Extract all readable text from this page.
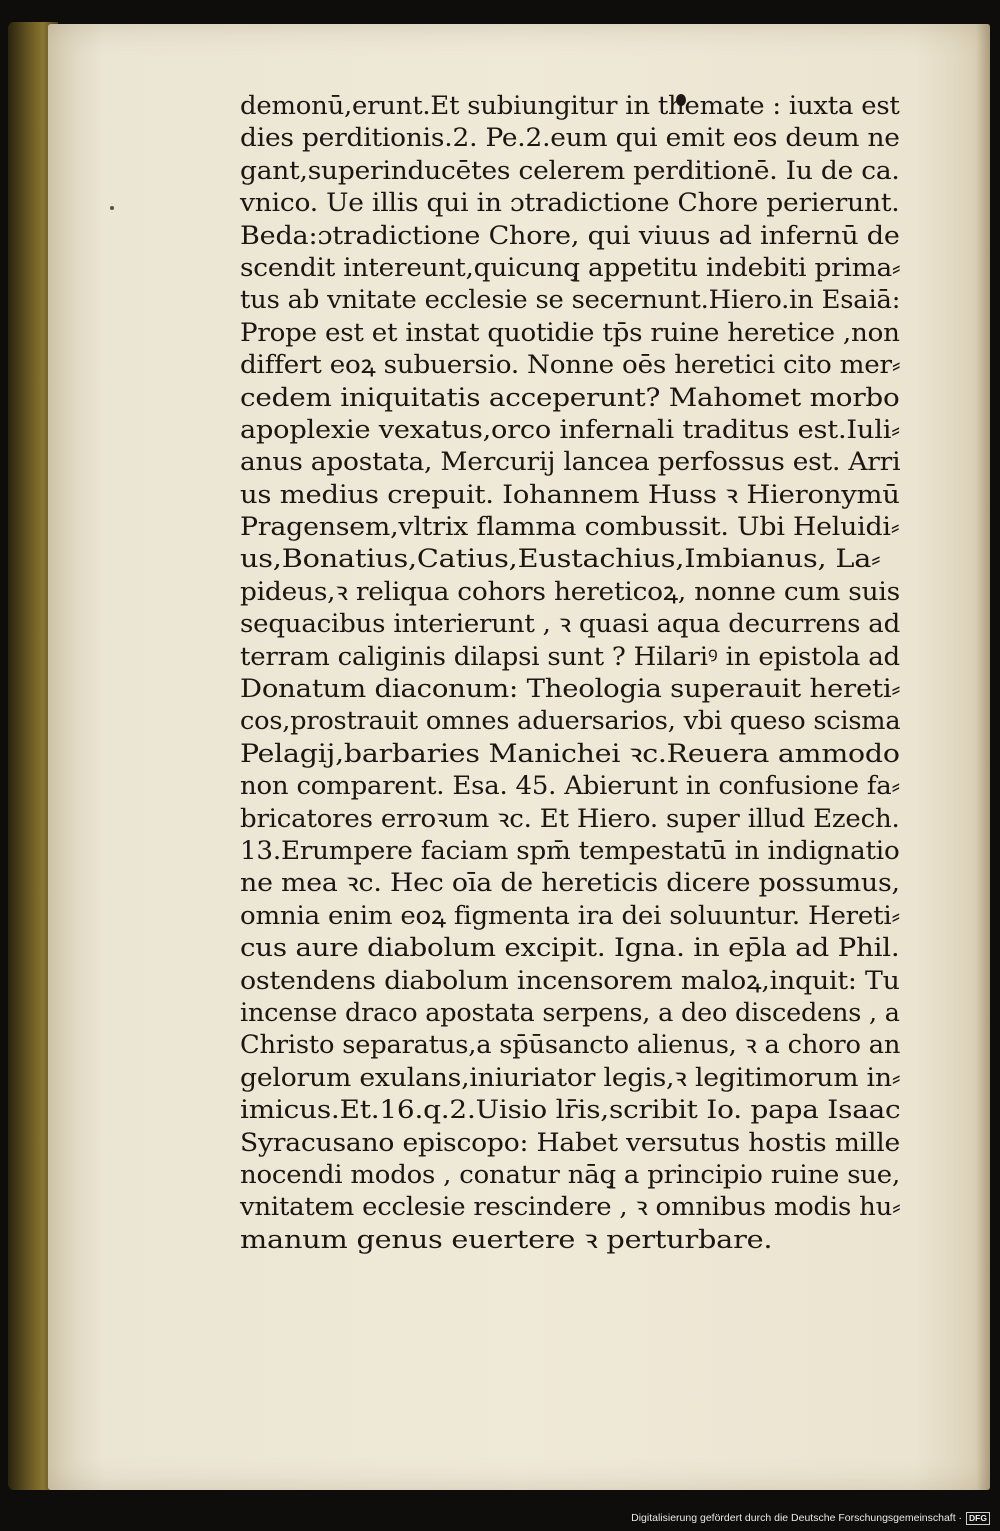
demonū,erunt.Et subiungitur in themate : iuxta est
dies perditionis.2. Pe.2.eum qui emit eos deum ne
gant,superinducētes celerem perditionē. Iu de ca.
vnico. Ue illis qui in ɔtradictione Chore perierunt.
Beda:ɔtradictione Chore, qui viuus ad infernū de
scendit intereunt,quicunq̧ appetitu indebiti prima⸗
tus ab vnitate ecclesie se secernunt.Hiero.in Esaiā:
Prope est et instat quotidie tp̄s ruine heretice ,non
differt eoꝝ subuersio. Nonne oēs heretici cito mer⸗
cedem iniquitatis acceperunt? Mahomet morbo
apoplexie vexatus,orco infernali traditus est.Iuli⸗
anus apostata, Mercurij lancea perfossus est. Arri
us medius crepuit. Iohannem Huss ꝛ Hieronymū
Pragensem,vltrix flamma combussit. Ubi Heluidi⸗
us,Bonatius,Catius,Eustachius,Imbianus, La⸗
pideus,ꝛ reliqua cohors hereticoꝝ, nonne cum suis
sequacibus interierunt , ꝛ quasi aqua decurrens ad
terram caliginis dilapsi sunt ? Hilariꝰ in epistola ad
Donatum diaconum: Theologia superauit hereti⸗
cos,prostrauit omnes aduersarios, vbi queso scisma
Pelagij,barbaries Manichei ꝛc.Reuera ammodo
non comparent. Esa. 45. Abierunt in confusione fa⸗
bricatores erroꝛum ꝛc. Et Hiero. super illud Ezech.
13.Erumpere faciam spm̄ tempestatū in indignatio
ne mea ꝛc. Hec oīa de hereticis dicere possumus,
omnia enim eoꝝ figmenta ira dei soluuntur. Hereti⸗
cus aure diabolum excipit. Igna. in ep̄la ad Phil.
ostendens diabolum incensorem maloꝝ,inquit: Tu
incense draco apostata serpens, a deo discedens , a
Christo separatus,a sp̄ūsancto alienus, ꝛ a choro an
gelorum exulans,iniuriator legis,ꝛ legitimorum in⸗
imicus.Et.16.q.2.Uisio lr̄is,scribit Io. papa Isaac
Syracusano episcopo: Habet versutus hostis mille
nocendi modos , conatur nāq̧ a principio ruine sue,
vnitatem ecclesie rescindere , ꝛ omnibus modis hu⸗
manum genus euertere ꝛ perturbare.
Digitalisierung gefördert durch die Deutsche Forschungsgemeinschaft · DFG
